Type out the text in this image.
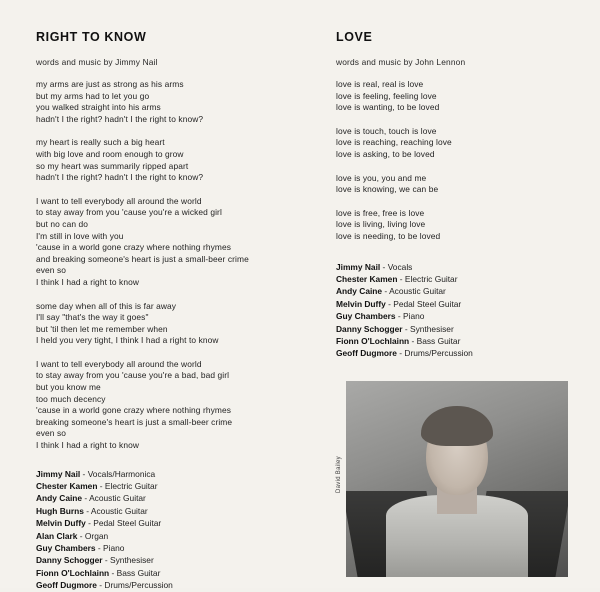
RIGHT TO KNOW

words and music by Jimmy Nail

my arms are just as strong as his arms
but my arms had to let you go
you walked straight into his arms
hadn't I the right? hadn't I the right to know?
my heart is really such a big heart
with big love and room enough to grow
so my heart was summarily ripped apart
hadn't I the right? hadn't I the right to know?
I want to tell everybody all around the world
to stay away from you 'cause you're a wicked girl
but no can do
I'm still in love with you
'cause in a world gone crazy where nothing rhymes
and breaking someone's heart is just a small-beer crime
even so
I think I had a right to know
some day when all of this is far away
I'll say "that's the way it goes"
but 'til then let me remember when
I held you very tight, I think I had a right to know
I want to tell everybody all around the world
to stay away from you 'cause you're a bad, bad girl
but you know me
too much decency
'cause in a world gone crazy where nothing rhymes
breaking someone's heart is just a small-beer crime
even so
I think I had a right to know
Jimmy Nail - Vocals/Harmonica
Chester Kamen - Electric Guitar
Andy Caine - Acoustic Guitar
Hugh Burns - Acoustic Guitar
Melvin Duffy - Pedal Steel Guitar
Alan Clark - Organ
Guy Chambers - Piano
Danny Schogger - Synthesiser
Fionn O'Lochlainn - Bass Guitar
Geoff Dugmore - Drums/Percussion
LOVE

words and music by John Lennon

love is real, real is love
love is feeling, feeling love
love is wanting, to be loved
love is touch, touch is love
love is reaching, reaching love
love is asking, to be loved
love is you, you and me
love is knowing, we can be
love is free, free is love
love is living, living love
love is needing, to be loved
Jimmy Nail - Vocals
Chester Kamen - Electric Guitar
Andy Caine - Acoustic Guitar
Melvin Duffy - Pedal Steel Guitar
Guy Chambers - Piano
Danny Schogger - Synthesiser
Fionn O'Lochlainn - Bass Guitar
Geoff Dugmore - Drums/Percussion
David Bailey
